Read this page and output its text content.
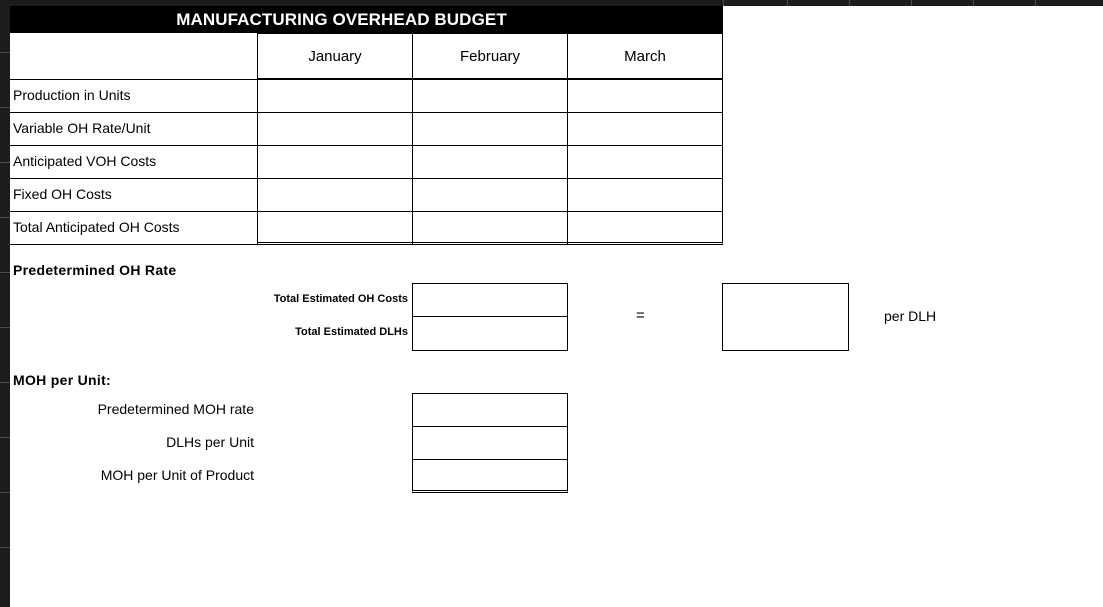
MANUFACTURING OVERHEAD BUDGET
January	February	March
Production in Units
Variable OH Rate/Unit
Anticipated VOH Costs
Fixed OH Costs
Total Anticipated OH Costs
Predetermined OH Rate
Total Estimated OH Costs
Total Estimated DLHs
=	per DLH
MOH per Unit:
Predetermined MOH rate
DLHs per Unit
MOH per Unit of Product
